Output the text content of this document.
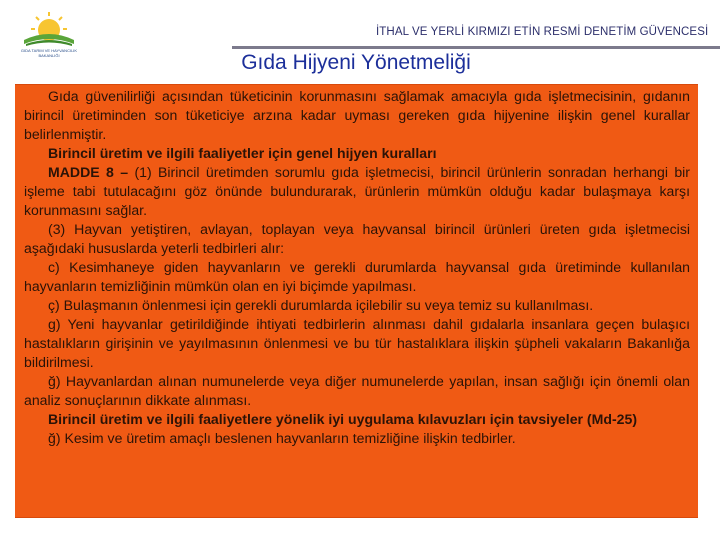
GIDA TARIM VE HAYVANCILIK
BAKANLIĞI
İTHAL VE YERLİ KIRMIZI ETİN RESMİ DENETİM GÜVENCESİ
Gıda Hijyeni Yönetmeliği

Gıda güvenilirliği açısından tüketicinin korunmasını sağlamak amacıyla gıda işletmecisinin, gıdanın birincil üretiminden son tüketiciye arzına kadar uyması gereken gıda hijyenine ilişkin genel kurallar belirlenmiştir.

Birincil üretim ve ilgili faaliyetler için genel hijyen kuralları

MADDE 8 – (1) Birincil üretimden sorumlu gıda işletmecisi, birincil ürünlerin sonradan herhangi bir işleme tabi tutulacağını göz önünde bulundurarak, ürünlerin mümkün olduğu kadar bulaşmaya karşı korunmasını sağlar.

(3) Hayvan yetiştiren, avlayan, toplayan veya hayvansal birincil ürünleri üreten gıda işletmecisi aşağıdaki hususlarda yeterli tedbirleri alır:

c) Kesimhaneye giden hayvanların ve gerekli durumlarda hayvansal gıda üretiminde kullanılan hayvanların temizliğinin mümkün olan en iyi biçimde yapılması.

ç) Bulaşmanın önlenmesi için gerekli durumlarda içilebilir su veya temiz su kullanılması.

g) Yeni hayvanlar getirildiğinde ihtiyati tedbirlerin alınması dahil gıdalarla insanlara geçen bulaşıcı hastalıkların girişinin ve yayılmasının önlenmesi ve bu tür hastalıklara ilişkin şüpheli vakaların Bakanlığa bildirilmesi.

ğ) Hayvanlardan alınan numunelerde veya diğer numunelerde yapılan, insan sağlığı için önemli olan analiz sonuçlarının dikkate alınması.

Birincil üretim ve ilgili faaliyetlere yönelik iyi uygulama kılavuzları için tavsiyeler (Md-25)

ğ) Kesim ve üretim amaçlı beslenen hayvanların temizliğine ilişkin tedbirler.
